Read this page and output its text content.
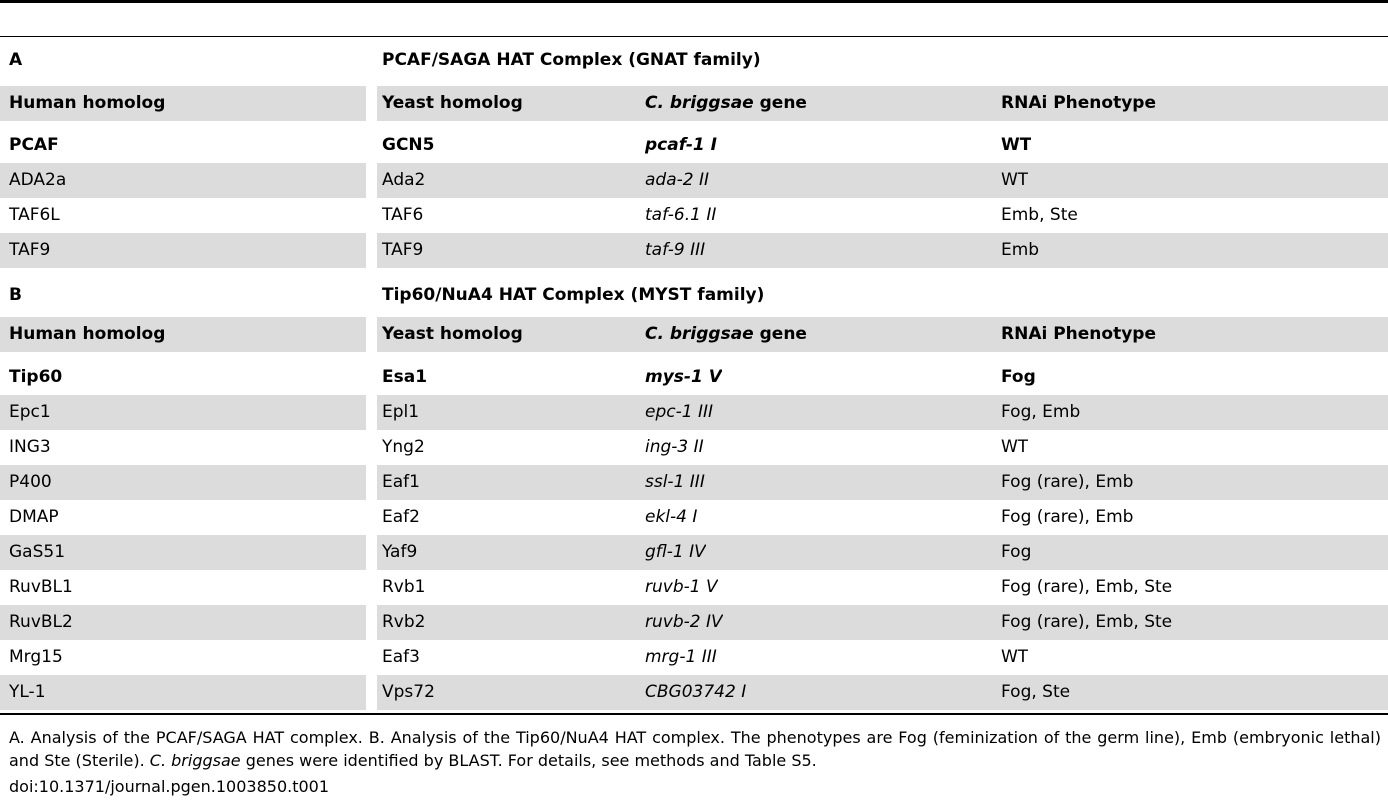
A	PCAF/SAGA HAT Complex (GNAT family)
Human homolog	Yeast homolog	C. briggsae gene	RNAi Phenotype
PCAF	GCN5	pcaf-1 I	WT
ADA2a	Ada2	ada-2 II	WT
TAF6L	TAF6	taf-6.1 II	Emb, Ste
TAF9	TAF9	taf-9 III	Emb
B	Tip60/NuA4 HAT Complex (MYST family)
Human homolog	Yeast homolog	C. briggsae gene	RNAi Phenotype
Tip60	Esa1	mys-1 V	Fog
Epc1	Epl1	epc-1 III	Fog, Emb
ING3	Yng2	ing-3 II	WT
P400	Eaf1	ssl-1 III	Fog (rare), Emb
DMAP	Eaf2	ekl-4 I	Fog (rare), Emb
GaS51	Yaf9	gfl-1 IV	Fog
RuvBL1	Rvb1	ruvb-1 V	Fog (rare), Emb, Ste
RuvBL2	Rvb2	ruvb-2 IV	Fog (rare), Emb, Ste
Mrg15	Eaf3	mrg-1 III	WT
YL-1	Vps72	CBG03742 I	Fog, Ste
A. Analysis of the PCAF/SAGA HAT complex. B. Analysis of the Tip60/NuA4 HAT complex. The phenotypes are Fog (feminization of the germ line), Emb (embryonic lethal) and Ste (Sterile). C. briggsae genes were identified by BLAST. For details, see methods and Table S5.
doi:10.1371/journal.pgen.1003850.t001
